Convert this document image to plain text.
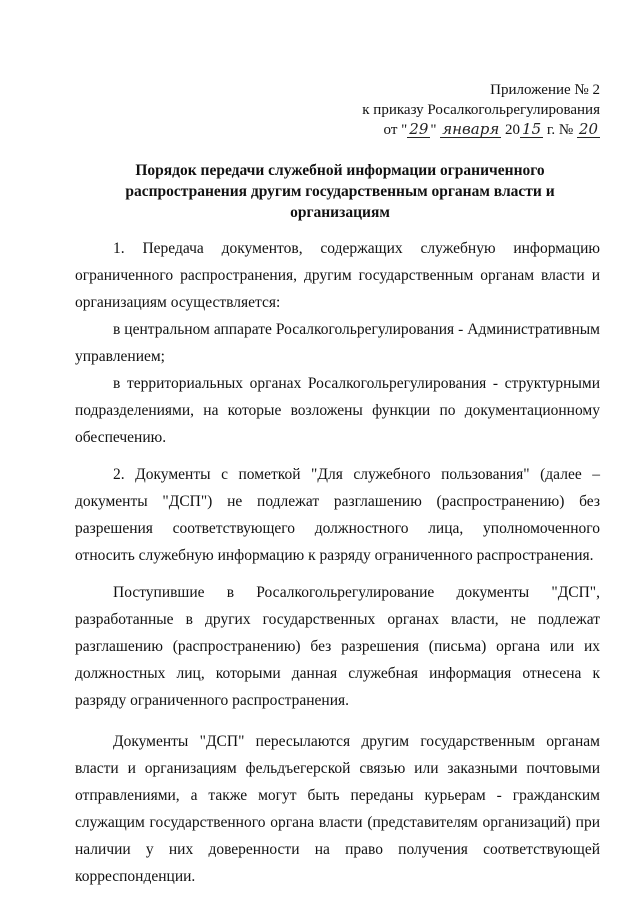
Приложение № 2
к приказу Росалкогольрегулирования
от " 29 " января 20 15 г. № 20
Порядок передачи служебной информации ограниченного распространения другим государственным органам власти и организациям

1. Передача документов, содержащих служебную информацию ограниченного распространения, другим государственным органам власти и организациям осуществляется:

в центральном аппарате Росалкогольрегулирования - Административным управлением;

в территориальных органах Росалкогольрегулирования - структурными подразделениями, на которые возложены функции по документационному обеспечению.

2. Документы с пометкой "Для служебного пользования" (далее – документы "ДСП") не подлежат разглашению (распространению) без разрешения соответствующего должностного лица, уполномоченного относить служебную информацию к разряду ограниченного распространения.

Поступившие в Росалкогольрегулирование документы "ДСП", разработанные в других государственных органах власти, не подлежат разглашению (распространению) без разрешения (письма) органа или их должностных лиц, которыми данная служебная информация отнесена к разряду ограниченного распространения.

Документы "ДСП" пересылаются другим государственным органам власти и организациям фельдъегерской связью или заказными почтовыми отправлениями, а также могут быть переданы курьерам - гражданским служащим государственного органа власти (представителям организаций) при наличии у них доверенности на право получения соответствующей корреспонденции.
